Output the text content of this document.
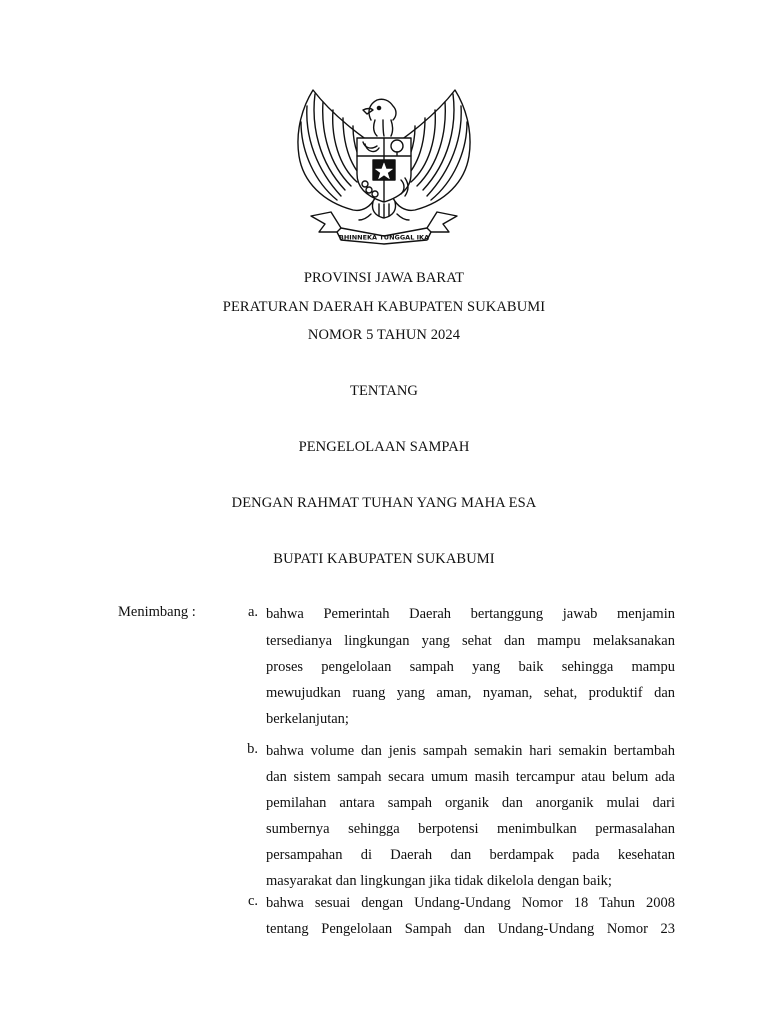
BHINNEKA TUNGGAL IKA
PROVINSI JAWA BARAT
PERATURAN DAERAH KABUPATEN SUKABUMI
NOMOR 5 TAHUN 2024
TENTANG
PENGELOLAAN SAMPAH
DENGAN RAHMAT TUHAN YANG MAHA ESA
BUPATI KABUPATEN SUKABUMI
Menimbang :	a. bahwa Pemerintah Daerah bertanggung jawab menjamin
tersedianya lingkungan yang sehat dan mampu melaksanakan
proses pengelolaan sampah yang baik sehingga mampu
mewujudkan ruang yang aman, nyaman, sehat, produktif dan
berkelanjutan;
b. bahwa volume dan jenis sampah semakin hari semakin bertambah
dan sistem sampah secara umum masih tercampur atau belum ada
pemilahan antara sampah organik dan anorganik mulai dari
sumbernya sehingga berpotensi menimbulkan permasalahan
persampahan di Daerah dan berdampak pada kesehatan
masyarakat dan lingkungan jika tidak dikelola dengan baik;
c. bahwa sesuai dengan Undang-Undang Nomor 18 Tahun 2008
tentang Pengelolaan Sampah dan Undang-Undang Nomor 23
